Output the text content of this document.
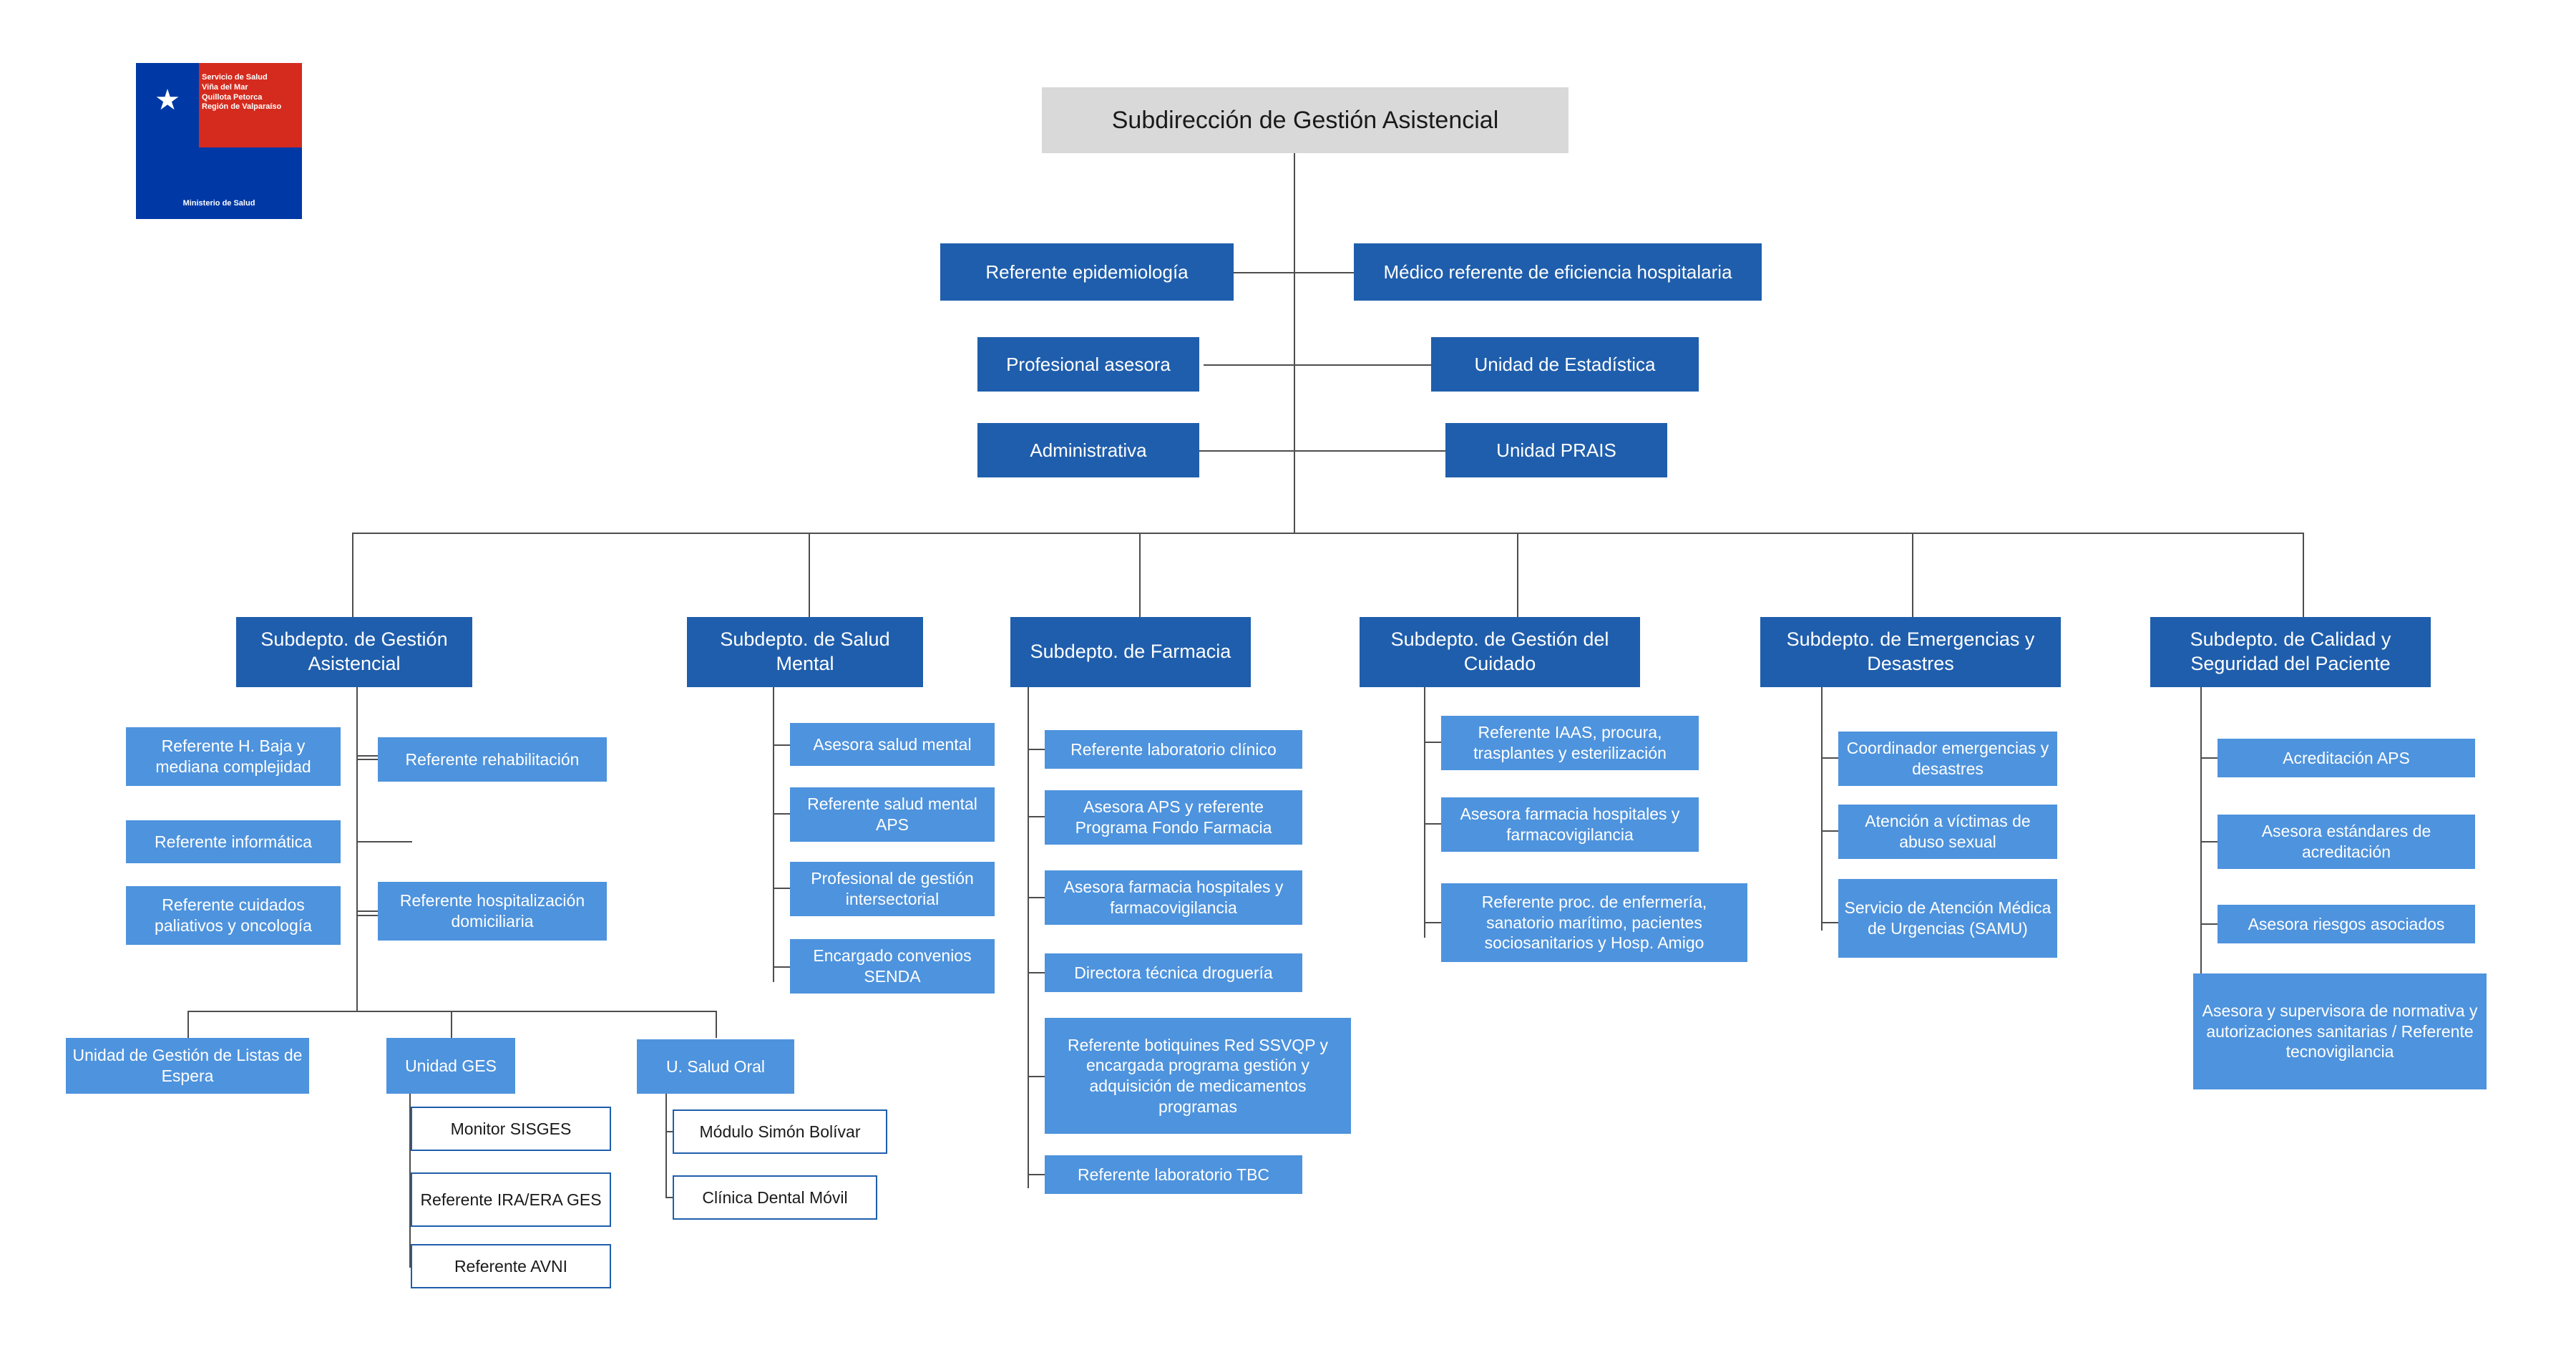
★
Servicio de Salud
Viña del Mar
Quillota Petorca
Región de Valparaíso
Ministerio de Salud
Subdirección de Gestión Asistencial
Referente epidemiología
Profesional asesora
Administrativa
Médico referente de eficiencia hospitalaria
Unidad de Estadística
Unidad PRAIS
Subdepto. de Gestión Asistencial
Subdepto. de Salud Mental
Subdepto. de Farmacia
Subdepto. de Gestión del Cuidado
Subdepto. de Emergencias y Desastres
Subdepto. de Calidad y Seguridad del Paciente
Referente H. Baja y mediana complejidad
Referente informática
Referente cuidados paliativos y oncología
Referente rehabilitación
Referente hospitalización domiciliaria
Unidad de Gestión de Listas de Espera
Unidad GES	U. Salud Oral
Monitor SISGES
Referente IRA/ERA GES
Referente AVNI
Módulo Simón Bolívar
Clínica Dental Móvil
Asesora salud mental
Referente salud mental APS
Profesional de gestión intersectorial
Encargado convenios SENDA
Referente laboratorio clínico
Asesora APS y referente Programa Fondo Farmacia
Asesora farmacia hospitales y farmacovigilancia
Directora técnica droguería
Referente botiquines Red SSVQP y encargada programa gestión y adquisición de medicamentos programas
Referente laboratorio TBC
Referente IAAS, procura, trasplantes y esterilización
Asesora farmacia hospitales y farmacovigilancia
Referente proc. de enfermería, sanatorio marítimo, pacientes sociosanitarios y Hosp. Amigo
Coordinador emergencias y desastres
Atención a víctimas de abuso sexual
Servicio de Atención Médica de Urgencias (SAMU)
Acreditación APS
Asesora estándares de acreditación
Asesora riesgos asociados
Asesora y supervisora de normativa y autorizaciones sanitarias / Referente tecnovigilancia
